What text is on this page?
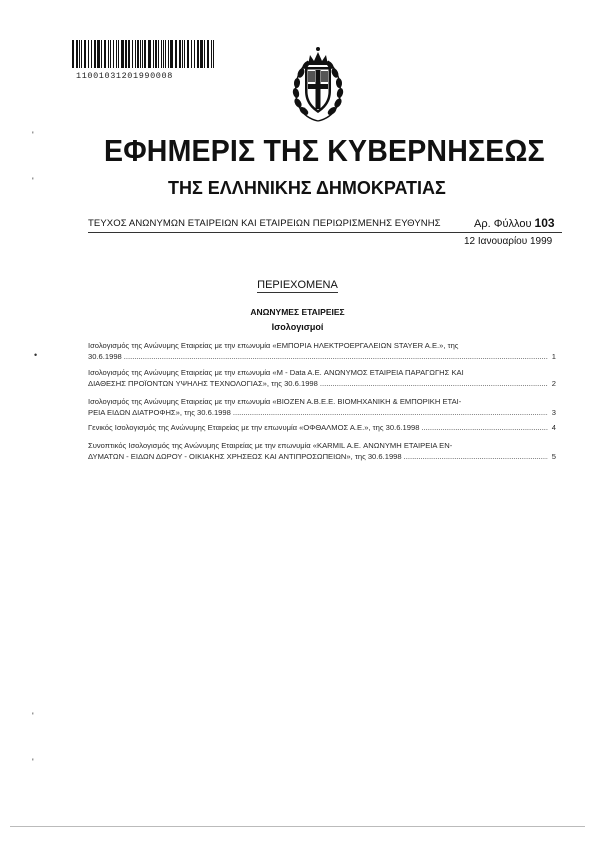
11001031201990008
ΕΦΗΜΕΡΙΣ ΤΗΣ ΚΥΒΕΡΝΗΣΕΩΣ
ΤΗΣ ΕΛΛΗΝΙΚΗΣ ΔΗΜΟΚΡΑΤΙΑΣ
ΤΕΥΧΟΣ ΑΝΩΝΥΜΩΝ ΕΤΑΙΡΕΙΩΝ ΚΑΙ ΕΤΑΙΡΕΙΩΝ ΠΕΡΙΩΡΙΣΜΕΝΗΣ ΕΥΘΥΝΗΣ	Αρ. Φύλλου 103
12 Ιανουαρίου 1999
ΠΕΡΙΕΧΟΜΕΝΑ
ΑΝΩΝΥΜΕΣ ΕΤΑΙΡΕΙΕΣ
Ισολογισμοί
Ισολογισμός της Ανώνυμης Εταιρείας με την επωνυμία «ΕΜΠΟΡΙΑ ΗΛΕΚΤΡΟΕΡΓΑΛΕΙΩΝ STAYER A.E.», της
30.6.1998 .....	1
Ισολογισμός της Ανώνυμης Εταιρείας με την επωνυμία «M - Data A.E. ΑΝΩΝΥΜΟΣ ΕΤΑΙΡΕΙΑ ΠΑΡΑΓΩΓΗΣ ΚΑΙ
ΔΙΑΘΕΣΗΣ ΠΡΟΪΟΝΤΩΝ ΥΨΗΛΗΣ ΤΕΧΝΟΛΟΓΙΑΣ», της 30.6.1998 .....	2
Ισολογισμός της Ανώνυμης Εταιρείας με την επωνυμία «ΒΙΟΖΕΝ Α.Β.Ε.Ε. ΒΙΟΜΗΧΑΝΙΚΗ & ΕΜΠΟΡΙΚΗ ΕΤΑΙ-
ΡΕΙΑ ΕΙΔΩΝ ΔΙΑΤΡΟΦΗΣ», της 30.6.1998 .....	3
Γενικός Ισολογισμός της Ανώνυμης Εταιρείας με την επωνυμία «ΟΦΘΑΛΜΟΣ Α.Ε.», της 30.6.1998 .....	4
Συνοπτικός Ισολογισμός της Ανώνυμης Εταιρείας με την επωνυμία «KARMIL A.E. ΑΝΩΝΥΜΗ ΕΤΑΙΡΕΙΑ ΕΝ-
ΔΥΜΑΤΩΝ - ΕΙΔΩΝ ΔΩΡΟΥ - ΟΙΚΙΑΚΗΣ ΧΡΗΣΕΩΣ ΚΑΙ ΑΝΤΙΠΡΟΣΩΠΕΙΩΝ», της 30.6.1998 .....	5
'
'
•
'
'
